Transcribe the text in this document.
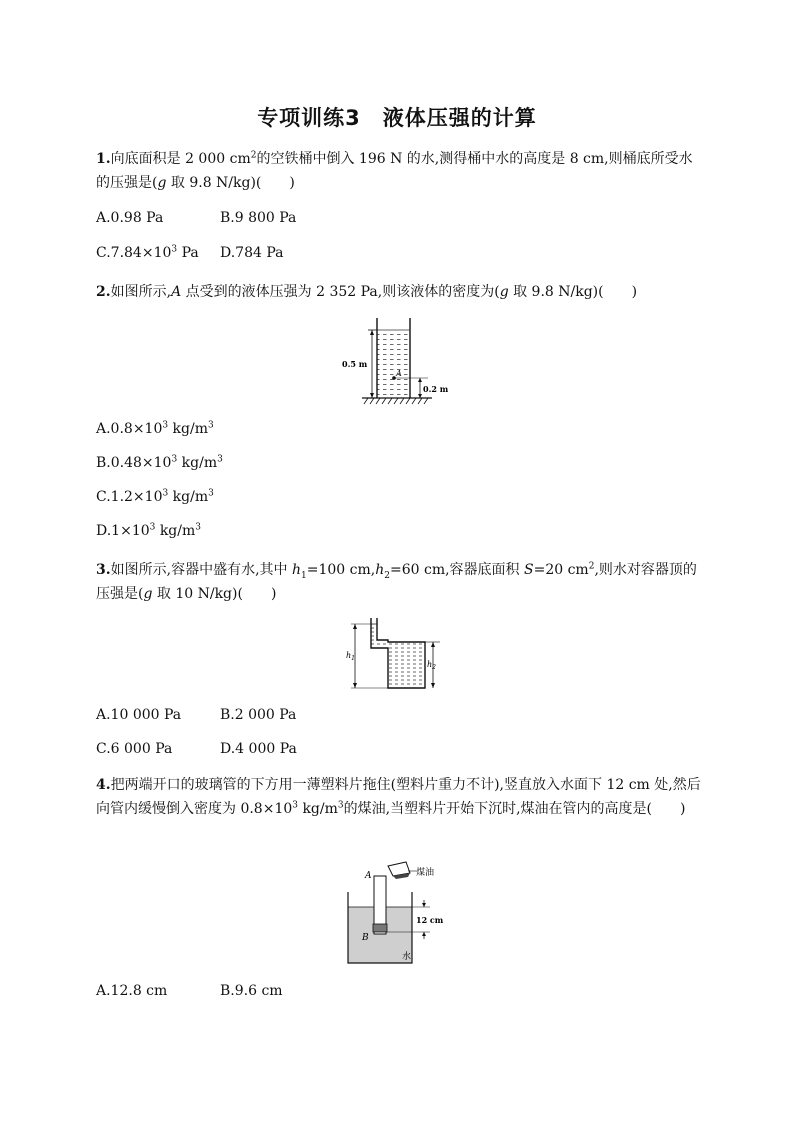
专项训练3　液体压强的计算
1.向底面积是 2 000 $cm^2$的空铁桶中倒入 196 N 的水,测得桶中水的高度是 8 cm,则桶底所受水的压强是(g 取 9.8 N/kg)(　　)
A.0.98 Pa	B.9 800 Pa
$C.7.84\times 10^3$ Pa D.784 Pa
2.如图所示,A 点受到的液体压强为 2 352 Pa,则该液体的密度为(g 取 9.8 N/kg)(　　)
0.5 m
A
0.2 m
$A.0.8\times 10^3$ $kg/m^3$
$B.0.48\times 10^3$ $kg/m^3$
$C.1.2\times 10^3$ $kg/m^3$
$D.1\times 10^3$ $kg/m^3$
3.如图所示,容器中盛有水,其中 $h_1=100$ $cm,h_2=60$ cm,容器底面积 S=20 $cm^2$,则水对容器顶的压强是(g 取 10 N/kg)(　　)
$h_1$
$h_2$
A.10 000 Pa	B.2 000 Pa
C.6 000 Pa	D.4 000 Pa
4.把两端开口的玻璃管的下方用一薄塑料片拖住(塑料片重力不计),竖直放入水面下 12 cm 处,然后向管内缓慢倒入密度为 $0.8\times 10^3$ $kg/m^3$的煤油,当塑料片开始下沉时,煤油在管内的高度是(　　)
A
B
煤油
12 cm
水
A.12.8 cm	B.9.6 cm
